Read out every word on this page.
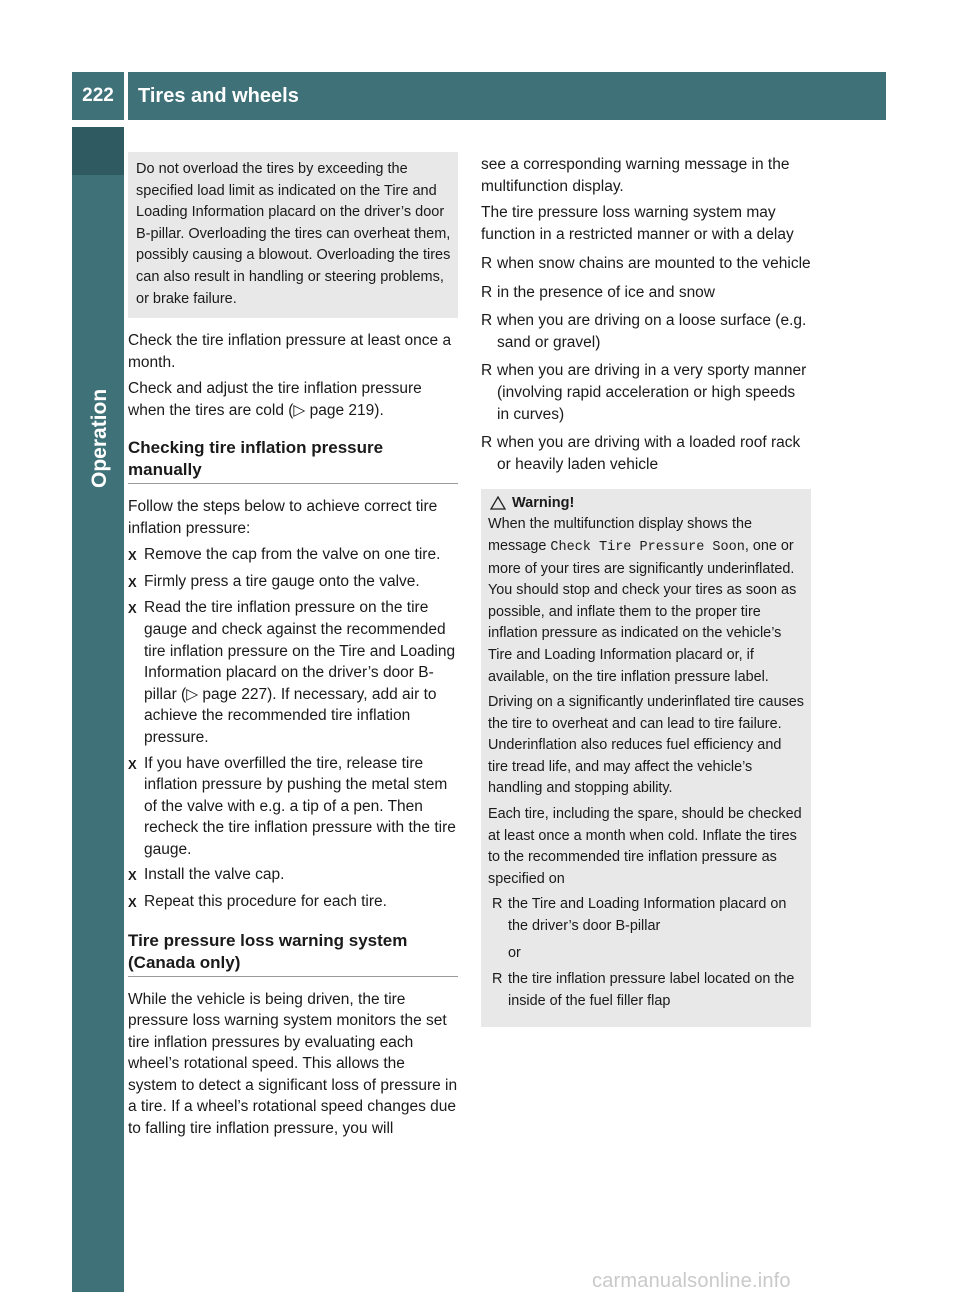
222	Tires and wheels
Operation

Do not overload the tires by exceeding the specified load limit as indicated on the Tire and Loading Information placard on the driver’s door B-pillar. Overloading the tires can overheat them, possibly causing a blowout. Overloading the tires can also result in handling or steering problems, or brake failure.

Check the tire inflation pressure at least once a month.

Check and adjust the tire inflation pressure when the tires are cold (▷ page 219).

Checking tire inflation pressure manually

Follow the steps below to achieve correct tire inflation pressure:

X Remove the cap from the valve on one tire.
X Firmly press a tire gauge onto the valve.
X Read the tire inflation pressure on the tire gauge and check against the recommended tire inflation pressure on the Tire and Loading Information placard on the driver’s door B-pillar (▷ page 227). If necessary, add air to achieve the recommended tire inflation pressure.
X If you have overfilled the tire, release tire inflation pressure by pushing the metal stem of the valve with e.g. a tip of a pen. Then recheck the tire inflation pressure with the tire gauge.
X Install the valve cap.
X Repeat this procedure for each tire.
Tire pressure loss warning system (Canada only)

While the vehicle is being driven, the tire pressure loss warning system monitors the set tire inflation pressures by evaluating each wheel’s rotational speed. This allows the system to detect a significant loss of pressure in a tire. If a wheel’s rotational speed changes due to falling tire inflation pressure, you will

see a corresponding warning message in the multifunction display.

The tire pressure loss warning system may function in a restricted manner or with a delay

R when snow chains are mounted to the vehicle
R in the presence of ice and snow
R when you are driving on a loose surface (e.g. sand or gravel)
R when you are driving in a very sporty manner (involving rapid acceleration or high speeds in curves)
R when you are driving with a loaded roof rack or heavily laden vehicle
Warning!

When the multifunction display shows the message Check Tire Pressure Soon, one or more of your tires are significantly underinflated. You should stop and check your tires as soon as possible, and inflate them to the proper tire inflation pressure as indicated on the vehicle’s Tire and Loading Information placard or, if available, on the tire inflation pressure label.

Driving on a significantly underinflated tire causes the tire to overheat and can lead to tire failure. Underinflation also reduces fuel efficiency and tire tread life, and may affect the vehicle’s handling and stopping ability.

Each tire, including the spare, should be checked at least once a month when cold. Inflate the tires to the recommended tire inflation pressure as specified on

R the Tire and Loading Information placard on the driver’s door B-pillar
or
R the tire inflation pressure label located on the inside of the fuel filler flap
carmanualsonline.info
